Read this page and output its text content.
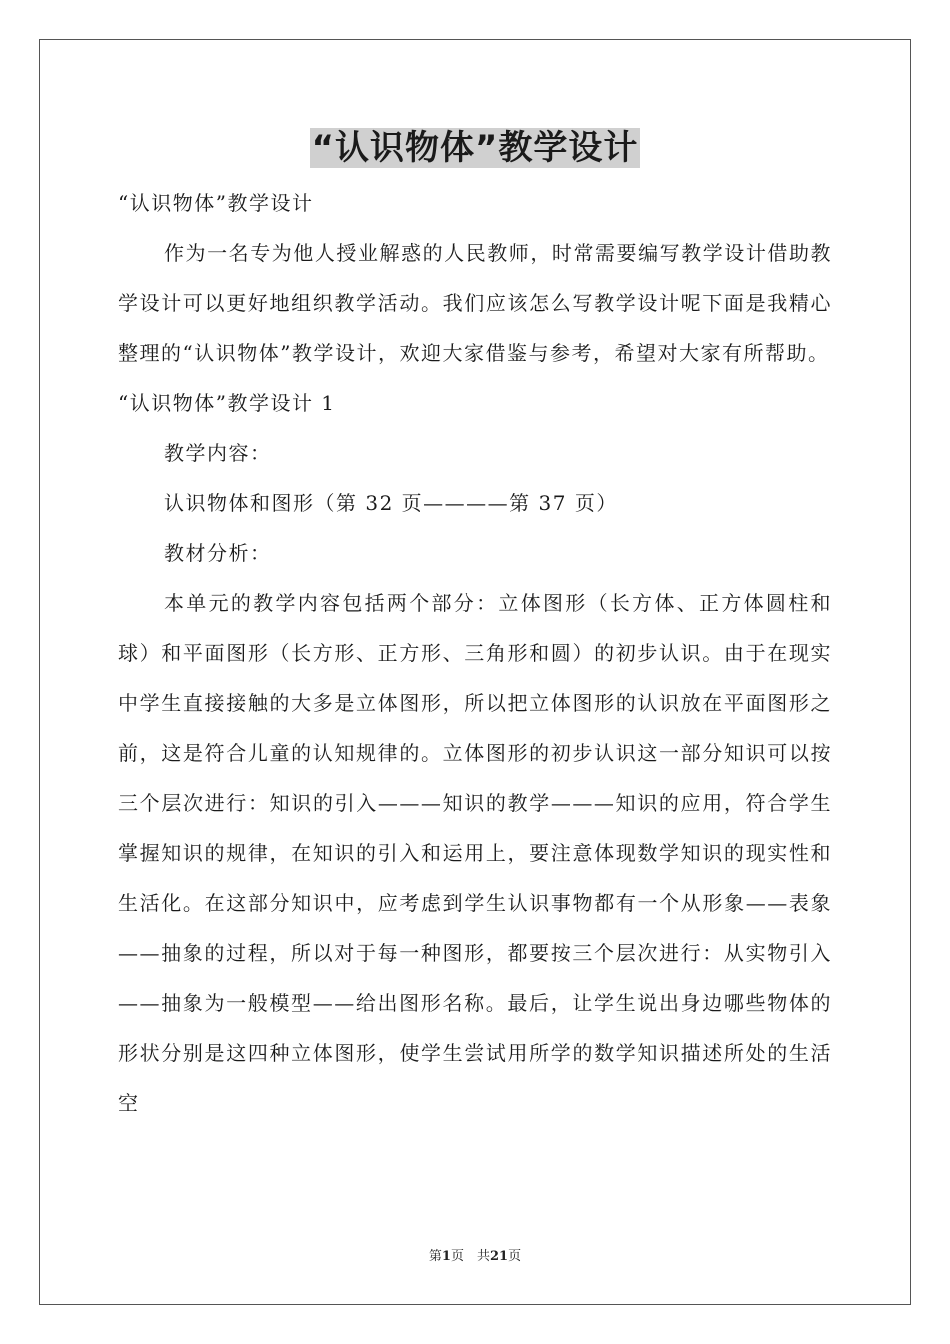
“认识物体”教学设计
“认识物体”教学设计

作为一名专为他人授业解惑的人民教师，时常需要编写教学设计借助教学设计可以更好地组织教学活动。我们应该怎么写教学设计呢下面是我精心整理的“认识物体”教学设计，欢迎大家借鉴与参考，希望对大家有所帮助。

“认识物体”教学设计 1
教学内容：
认识物体和图形（第 32 页————第 37 页）
教材分析：

本单元的教学内容包括两个部分：立体图形（长方体、正方体圆柱和球）和平面图形（长方形、正方形、三角形和圆）的初步认识。由于在现实中学生直接接触的大多是立体图形，所以把立体图形的认识放在平面图形之前，这是符合儿童的认知规律的。立体图形的初步认识这一部分知识可以按三个层次进行：知识的引入———知识的教学———知识的应用，符合学生掌握知识的规律，在知识的引入和运用上，要注意体现数学知识的现实性和生活化。在这部分知识中，应考虑到学生认识事物都有一个从形象——表象——抽象的过程，所以对于每一种图形，都要按三个层次进行：从实物引入——抽象为一般模型——给出图形名称。最后，让学生说出身边哪些物体的形状分别是这四种立体图形，使学生尝试用所学的数学知识描述所处的生活空

第1页　共21页
